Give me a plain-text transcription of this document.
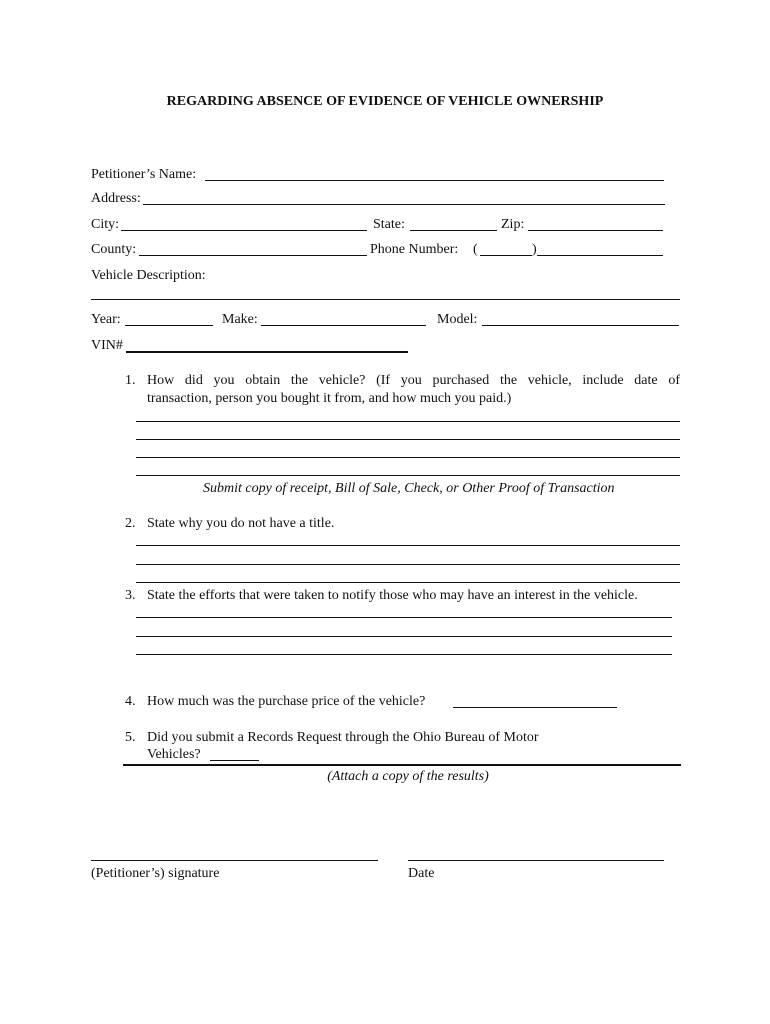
REGARDING ABSENCE OF EVIDENCE OF VEHICLE OWNERSHIP
Petitioner’s Name:
Address:
City:	State:	Zip:
County:	Phone Number: (	)
Vehicle Description:
Year:	Make:	Model:
VIN#
1. How did you obtain the vehicle? (If you purchased the vehicle, include date of
transaction, person you bought it from, and how much you paid.)
Submit copy of receipt, Bill of Sale, Check, or Other Proof of Transaction
2. State why you do not have a title.
3. State the efforts that were taken to notify those who may have an interest in the vehicle.
4. How much was the purchase price of the vehicle?
5. Did you submit a Records Request through the Ohio Bureau of Motor
Vehicles?
(Attach a copy of the results)
(Petitioner’s) signature	Date
